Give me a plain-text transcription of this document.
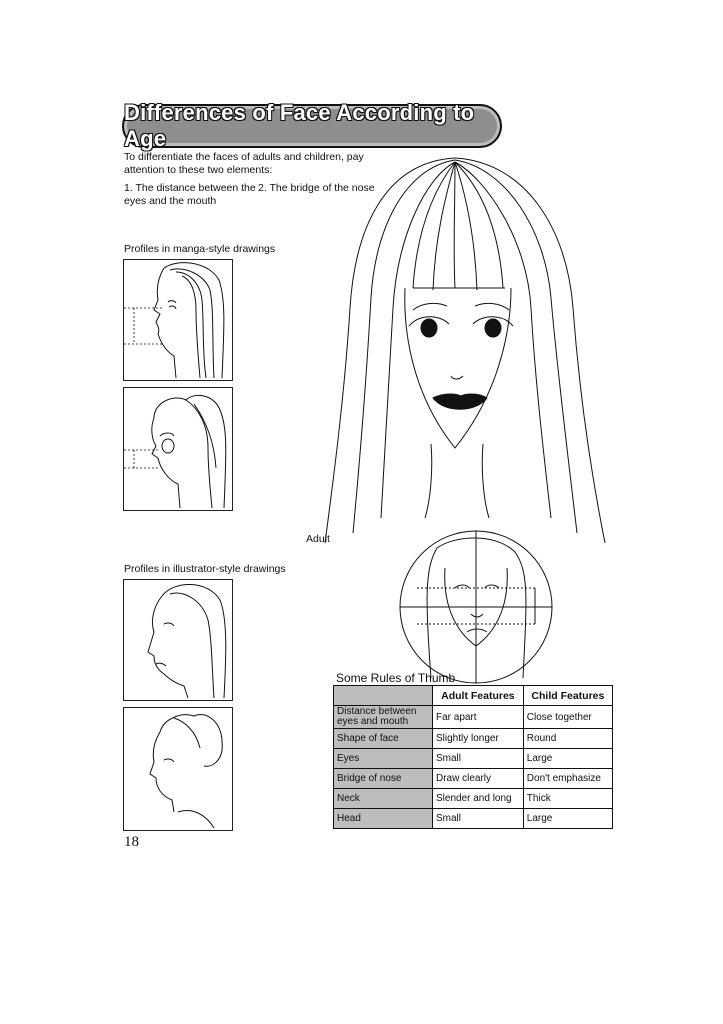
Differences of Face According to Age
To differentiate the faces of adults and children, pay attention to these two elements:
1. The distance between the eyes and the mouth
2. The bridge of the nose
Profiles in manga-style drawings
Profiles in illustrator-style drawings
Adult
Some Rules of Thumb
	Adult Features	Child Features
Distance between eyes and mouth	Far apart	Close together
Shape of face	Slightly longer	Round
Eyes	Small	Large
Bridge of nose	Draw clearly	Don't emphasize
Neck	Slender and long	Thick
Head	Small	Large
18
